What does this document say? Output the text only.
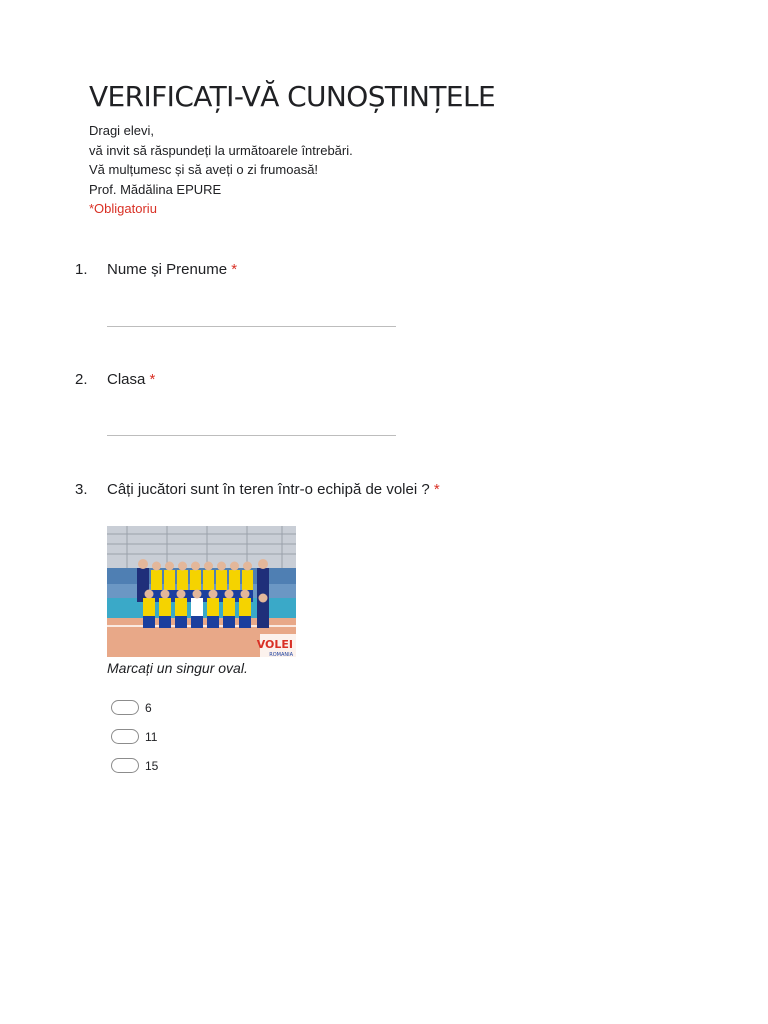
VERIFICAȚI-VĂ CUNOȘTINȚELE
Dragi elevi,
vă invit să răspundeți la următoarele întrebări.
Vă mulțumesc și să aveți o zi frumoasă!
Prof. Mădălina EPURE
*Obligatoriu
1. Nume și Prenume *
2. Clasa *
3. Câți jucători sunt în teren într-o echipă de volei ? *
VOLEI
ROMANIA
Marcați un singur oval.
6
11
15
